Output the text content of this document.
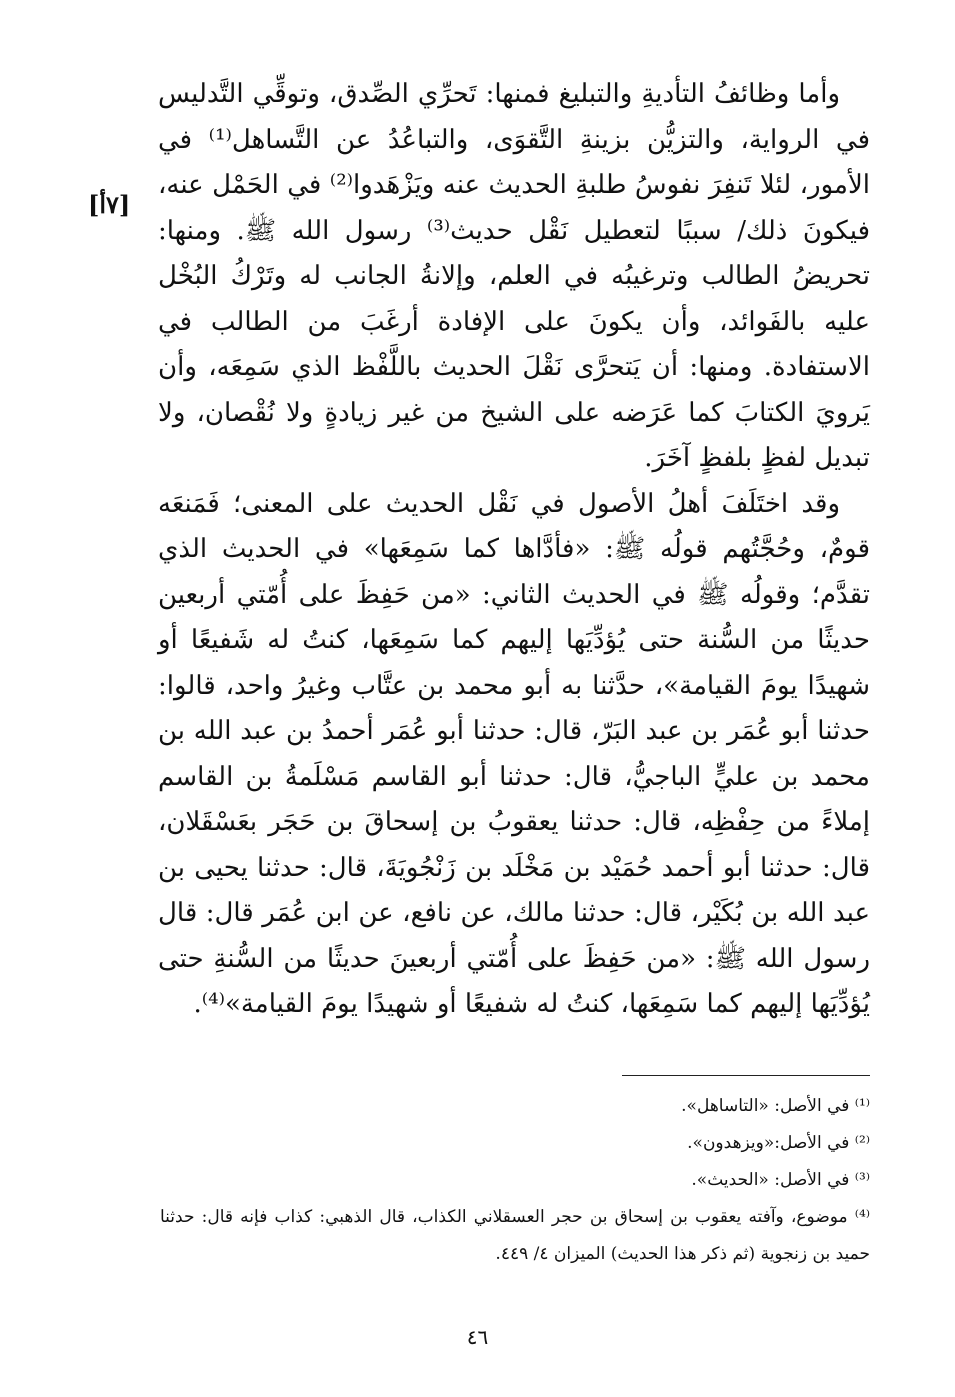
[٧أ]

وأما وظائفُ التأديةِ والتبليغ فمنها: تَحرِّي الصِّدق، وتوقِّي التَّدليس في الرواية، والتزيُّن بزينةِ التَّقوَى، والتباعُدُ عن التَّساهل⁽¹⁾ في الأمور، لئلا تَنفِرَ نفوسُ طلبةِ الحديث عنه ويَزْهَدوا⁽²⁾ في الحَمْل عنه، فيكونَ ذلك/ سببًا لتعطيل نَقْل حديث⁽³⁾ رسول الله ﷺ. ومنها: تحريضُ الطالب وترغيبُه في العلم، وإلانةُ الجانب له وتَرْكُ البُخْل عليه بالفَوائد، وأن يكونَ على الإفادة أرغَبَ من الطالب في الاستفادة. ومنها: أن يَتحرَّى نَقْلَ الحديث باللَّفْظ الذي سَمِعَه، وأن يَرويَ الكتابَ كما عَرَضه على الشيخ من غير زيادةٍ ولا نُقْصان، ولا تبديل لفظٍ بلفظٍ آخَرَ.

وقد اختَلَفَ أهلُ الأصول في نَقْل الحديث على المعنى؛ فَمَنعَه قومٌ، وحُجَّتُهم قولُه ﷺ: «فأدَّاها كما سَمِعَها» في الحديث الذي تقدَّم؛ وقولُه ﷺ في الحديث الثاني: «من حَفِظَ على أُمّتي أربعين حديثًا من السُّنة حتى يُؤدِّيَها إليهم كما سَمِعَها، كنتُ له شَفيعًا أو شهيدًا يومَ القيامة»، حدَّثنا به أبو محمد بن عتَّاب وغيرُ واحد، قالوا: حدثنا أبو عُمَر بن عبد البَرّ، قال: حدثنا أبو عُمَر أحمدُ بن عبد الله بن محمد بن عليٍّ الباجيُّ، قال: حدثنا أبو القاسم مَسْلَمةُ بن القاسم إملاءً من حِفْظِه، قال: حدثنا يعقوبُ بن إسحاقَ بن حَجَر بعَسْقَلان، قال: حدثنا أبو أحمد حُمَيْد بن مَخْلَد بن زَنْجُويَةَ، قال: حدثنا يحيى بن عبد الله بن بُكَيْر، قال: حدثنا مالك، عن نافع، عن ابن عُمَر قال: قال رسول الله ﷺ: «من حَفِظَ على أُمّتي أربعينَ حديثًا من السُّنةِ حتى يُؤدِّيَها إليهم كما سَمِعَها، كنتُ له شفيعًا أو شهيدًا يومَ القيامة»⁽⁴⁾.

⁽¹⁾ في الأصل: «التاساهل».

⁽²⁾ في الأصل:«ويزهدون».

⁽³⁾ في الأصل: «الحديث».

⁽⁴⁾ موضوع، وآفته يعقوب بن إسحاق بن حجر العسقلاني الكذاب، قال الذهبي: كذاب فإنه قال: حدثنا حميد بن زنجوية (ثم ذكر هذا الحديث) الميزان ٤/ ٤٤٩.

٤٦
